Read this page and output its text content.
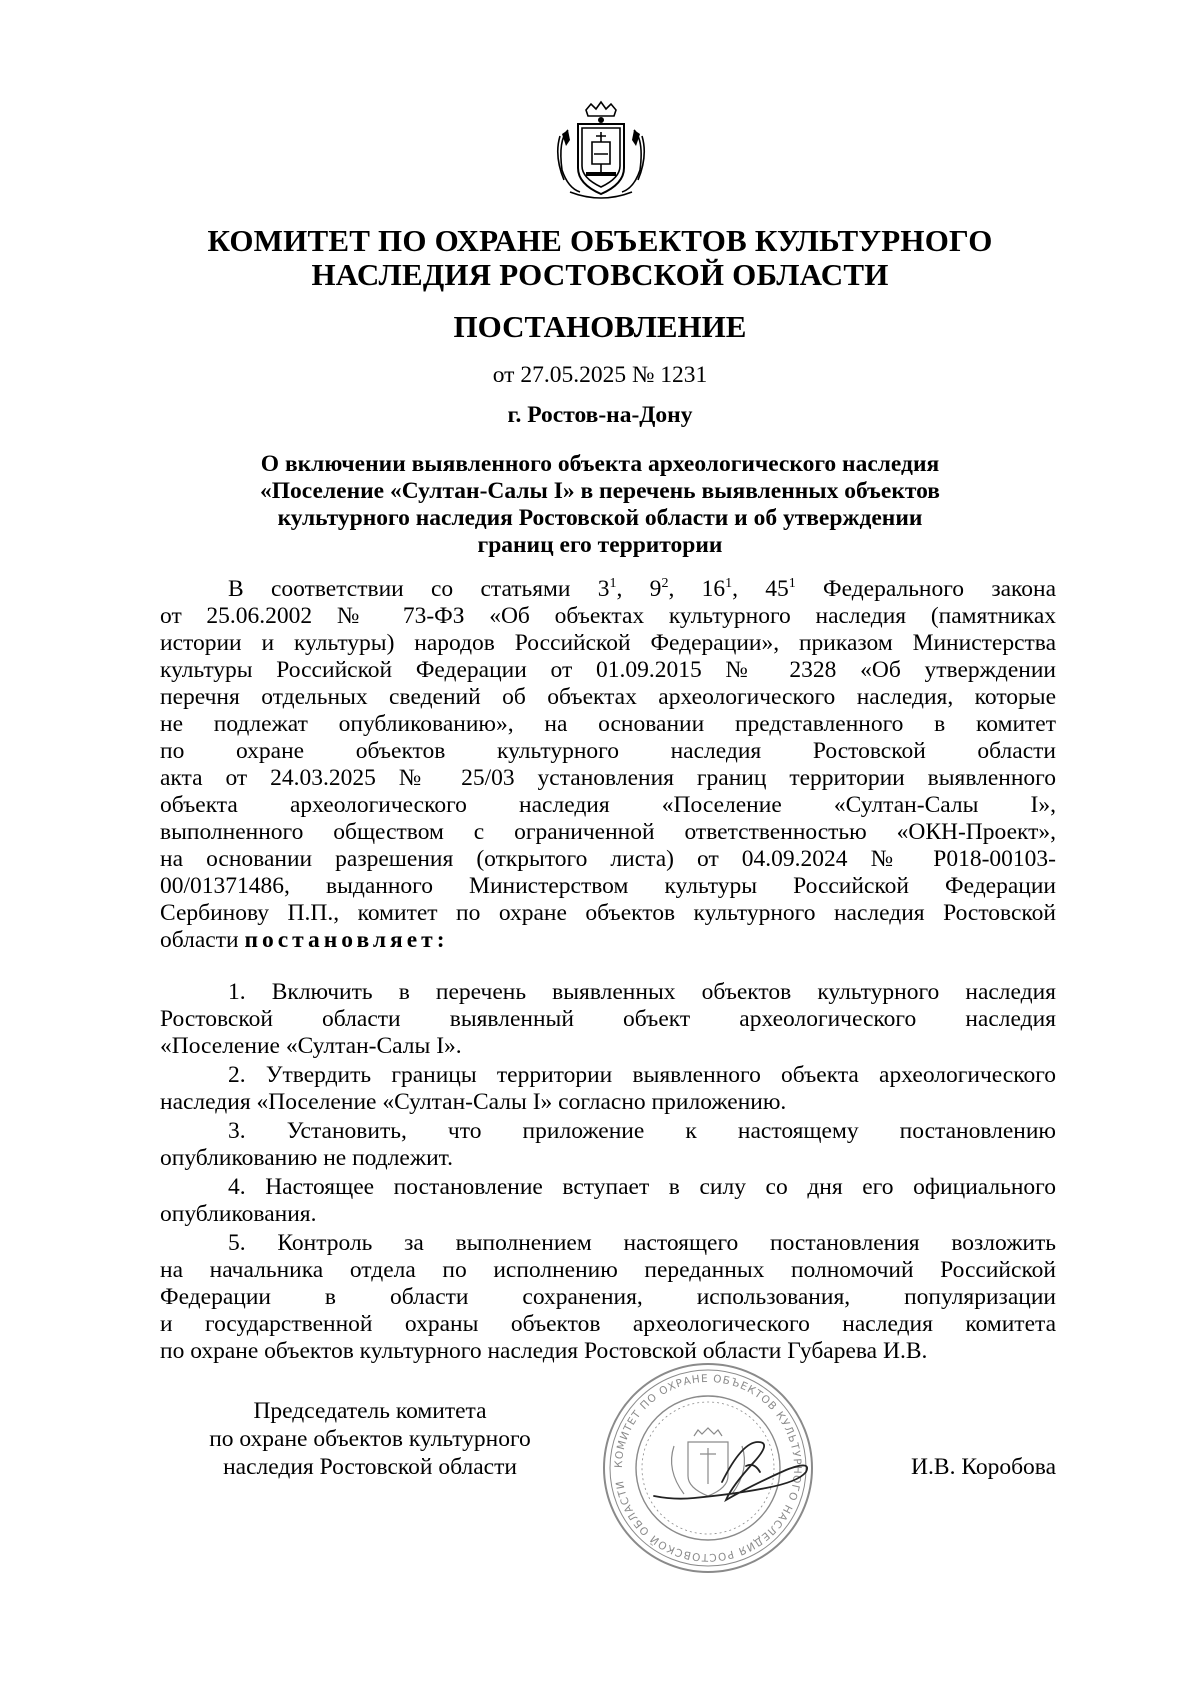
КОМИТЕТ ПО ОХРАНЕ ОБЪЕКТОВ КУЛЬТУРНОГО
НАСЛЕДИЯ РОСТОВСКОЙ ОБЛАСТИ
ПОСТАНОВЛЕНИЕ
от 27.05.2025 № 1231
г. Ростов-на-Дону
О включении выявленного объекта археологического наследия
«Поселение «Султан-Салы I» в перечень выявленных объектов
культурного наследия Ростовской области и об утверждении
границ его территории
В соответствии со статьями $3^1$, $9^2$, $16^1$, $45^1$ Федерального закона
от 25.06.2002 № 73-ФЗ «Об объектах культурного наследия (памятниках
истории и культуры) народов Российской Федерации», приказом Министерства
культуры Российской Федерации от 01.09.2015 № 2328 «Об утверждении
перечня отдельных сведений об объектах археологического наследия, которые
не подлежат опубликованию», на основании представленного в комитет
по охране объектов культурного наследия Ростовской области
акта от 24.03.2025 № 25/03 установления границ территории выявленного
объекта археологического наследия «Поселение «Султан-Салы I»,
выполненного обществом с ограниченной ответственностью «ОКН-Проект»,
на основании разрешения (открытого листа) от 04.09.2024 № Р018-00103-
00/01371486, выданного Министерством культуры Российской Федерации
Сербинову П.П., комитет по охране объектов культурного наследия Ростовской
области постановляет:
1. Включить в перечень выявленных объектов культурного наследия
Ростовской области выявленный объект археологического наследия
«Поселение «Султан-Салы I».
2. Утвердить границы территории выявленного объекта археологического
наследия «Поселение «Султан-Салы I» согласно приложению.
3. Установить, что приложение к настоящему постановлению
опубликованию не подлежит.
4. Настоящее постановление вступает в силу со дня его официального
опубликования.
5. Контроль за выполнением настоящего постановления возложить
на начальника отдела по исполнению переданных полномочий Российской
Федерации в области сохранения, использования, популяризации
и государственной охраны объектов археологического наследия комитета
по охране объектов культурного наследия Ростовской области Губарева И.В.
КОМИТЕТ ПО ОХРАНЕ ОБЪЕКТОВ КУЛЬТУРНОГО НАСЛЕДИЯ РОСТОВСКОЙ ОБЛАСТИ
Председатель комитета
по охране объектов культурного
наследия Ростовской области	И.В. Коробова
